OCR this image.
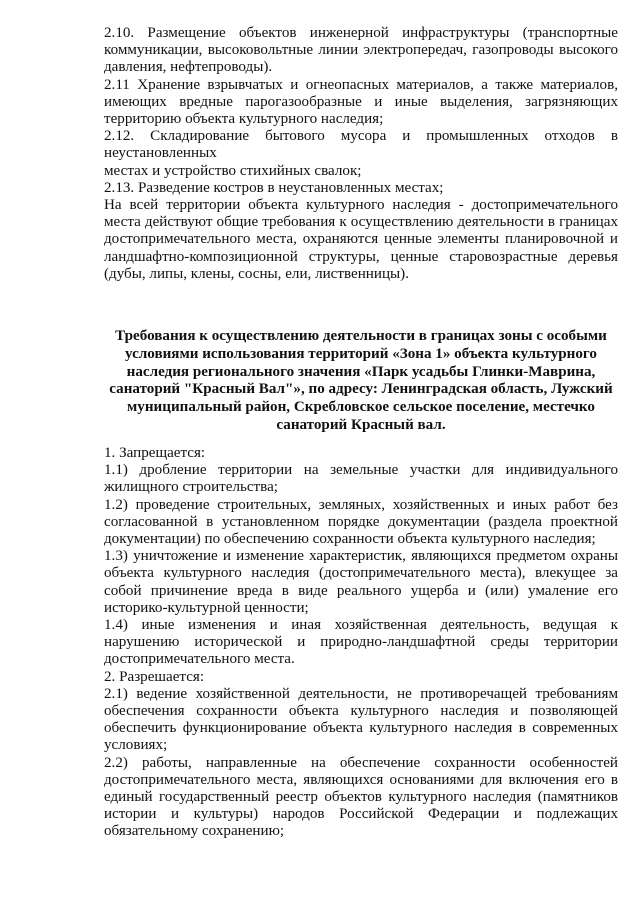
2.10. Размещение объектов инженерной инфраструктуры (транспортные коммуникации, высоковольтные линии электропередач, газопроводы высокого давления, нефтепроводы).

2.11 Хранение взрывчатых и огнеопасных материалов, а также материалов, имеющих вредные парогазообразные и иные выделения, загрязняющих территорию объекта культурного наследия;

2.12. Складирование бытового мусора и промышленных отходов в неустановленных

местах и устройство стихийных свалок;

2.13. Разведение костров в неустановленных местах;

На всей территории объекта культурного наследия - достопримечательного места действуют общие требования к осуществлению деятельности в границах достопримечательного места, охраняются ценные элементы планировочной и ландшафтно-композиционной структуры, ценные старовозрастные деревья (дубы, липы, клены, сосны, ели, лиственницы).

Требования к осуществлению деятельности в границах зоны с особыми
условиями использования территорий «Зона 1» объекта культурного
наследия регионального значения «Парк усадьбы Глинки-Маврина,
санаторий "Красный Вал"», по адресу: Ленинградская область, Лужский
муниципальный район, Скребловское сельское поселение, местечко
санаторий Красный вал.

1. Запрещается:

1.1) дробление территории на земельные участки для индивидуального жилищного строительства;

1.2) проведение строительных, земляных, хозяйственных и иных работ без согласованной в установленном порядке документации (раздела проектной документации) по обеспечению сохранности объекта культурного наследия;

1.3) уничтожение и изменение характеристик, являющихся предметом охраны объекта культурного наследия (достопримечательного места), влекущее за собой причинение вреда в виде реального ущерба и (или) умаление его историко-культурной ценности;

1.4) иные изменения и иная хозяйственная деятельность, ведущая к нарушению исторической и природно-ландшафтной среды территории достопримечательного места.

2. Разрешается:

2.1) ведение хозяйственной деятельности, не противоречащей требованиям обеспечения сохранности объекта культурного наследия и позволяющей обеспечить функционирование объекта культурного наследия в современных условиях;

2.2) работы, направленные на обеспечение сохранности особенностей достопримечательного места, являющихся основаниями для включения его в единый государственный реестр объектов культурного наследия (памятников истории и культуры) народов Российской Федерации и подлежащих обязательному сохранению;
